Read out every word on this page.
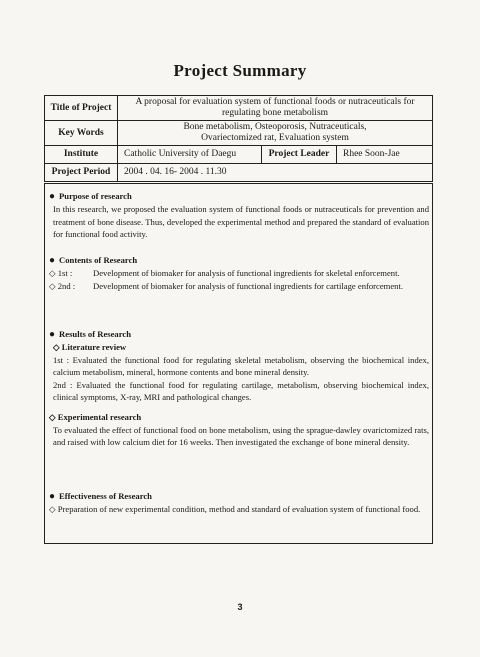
Project Summary
Title of Project	A proposal for evaluation system of functional foods or nutraceuticals for regulating bone metabolism		
Key Words	Bone metabolism, Osteoporosis, Nutraceuticals,
Ovariectomized rat, Evaluation system		

Institute	Catholic University of Daegu	Project Leader	Rhee Soon-Jae
Project Period	2004 . 04. 16- 2004 . 11.30		
● Purpose of research
In this research, we proposed the evaluation system of functional foods or nutraceuticals for prevention and treatment of bone disease. Thus, developed the experimental method and prepared the standard of evaluation for functional food activity.
● Contents of Research
◇ 1st :	Development of biomaker for analysis of functional ingredients for skeletal enforcement.
◇ 2nd :	Development of biomaker for analysis of functional ingredients for cartilage enforcement.
● Results of Research
◇ Literature review
1st : Evaluated the functional food for regulating skeletal metabolism, observing the biochemical index, calcium metabolism, mineral, hormone contents and bone mineral density.
2nd : Evaluated the functional food for regulating cartilage, metabolism, observing biochemical index, clinical symptoms, X-ray, MRI and pathological changes.
◇ Experimental research
To evaluated the effect of functional food on bone metabolism, using the sprague-dawley ovarictomized rats, and raised with low calcium diet for 16 weeks. Then investigated the exchange of bone mineral density.
● Effectiveness of Research
◇ Preparation of new experimental condition, method and standard of evaluation system of functional food.
3
